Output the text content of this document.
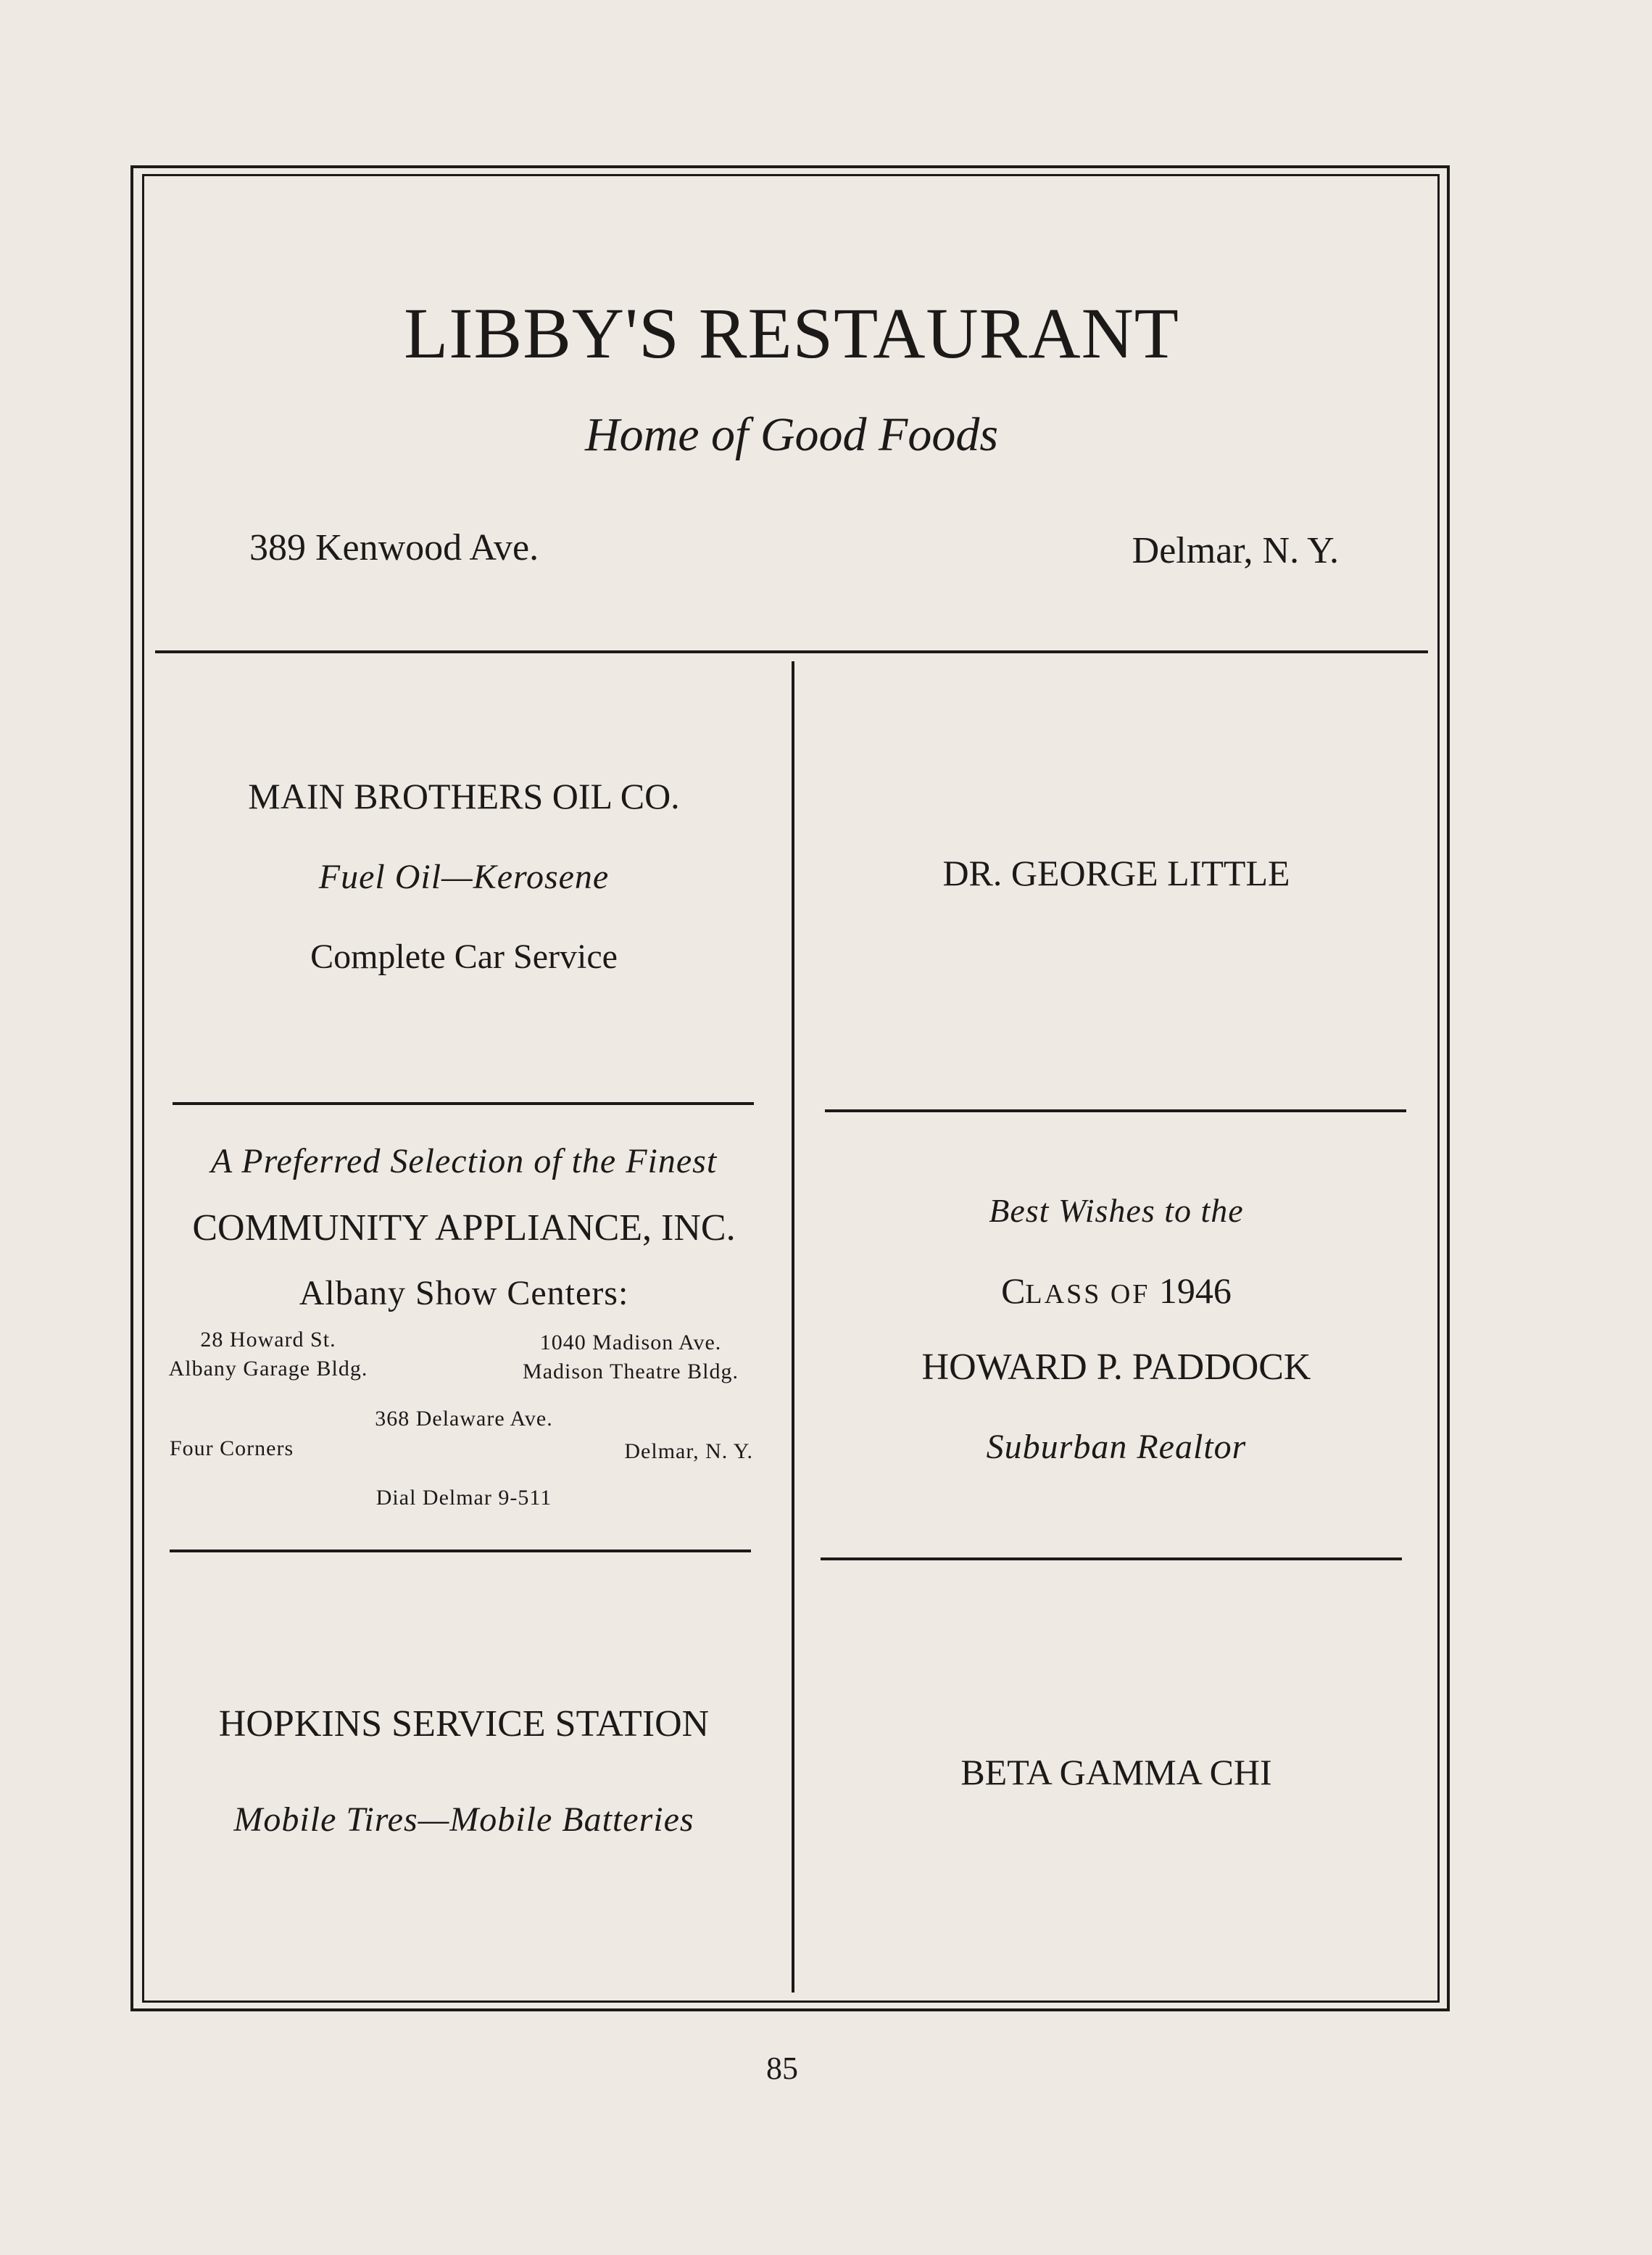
LIBBY'S RESTAURANT
Home of Good Foods
389 Kenwood Ave.	Delmar, N. Y.
MAIN BROTHERS OIL CO.
Fuel Oil—Kerosene
Complete Car Service
DR. GEORGE LITTLE
A Preferred Selection of the Finest
COMMUNITY APPLIANCE, INC.
Albany Show Centers:
28 Howard St.
Albany Garage Bldg.
1040 Madison Ave.
Madison Theatre Bldg.
368 Delaware Ave.
Four Corners	Delmar, N. Y.
Dial Delmar 9-511
Best Wishes to the
CLASS OF 1946
HOWARD P. PADDOCK
Suburban Realtor
HOPKINS SERVICE STATION
Mobile Tires—Mobile Batteries
BETA GAMMA CHI
85
